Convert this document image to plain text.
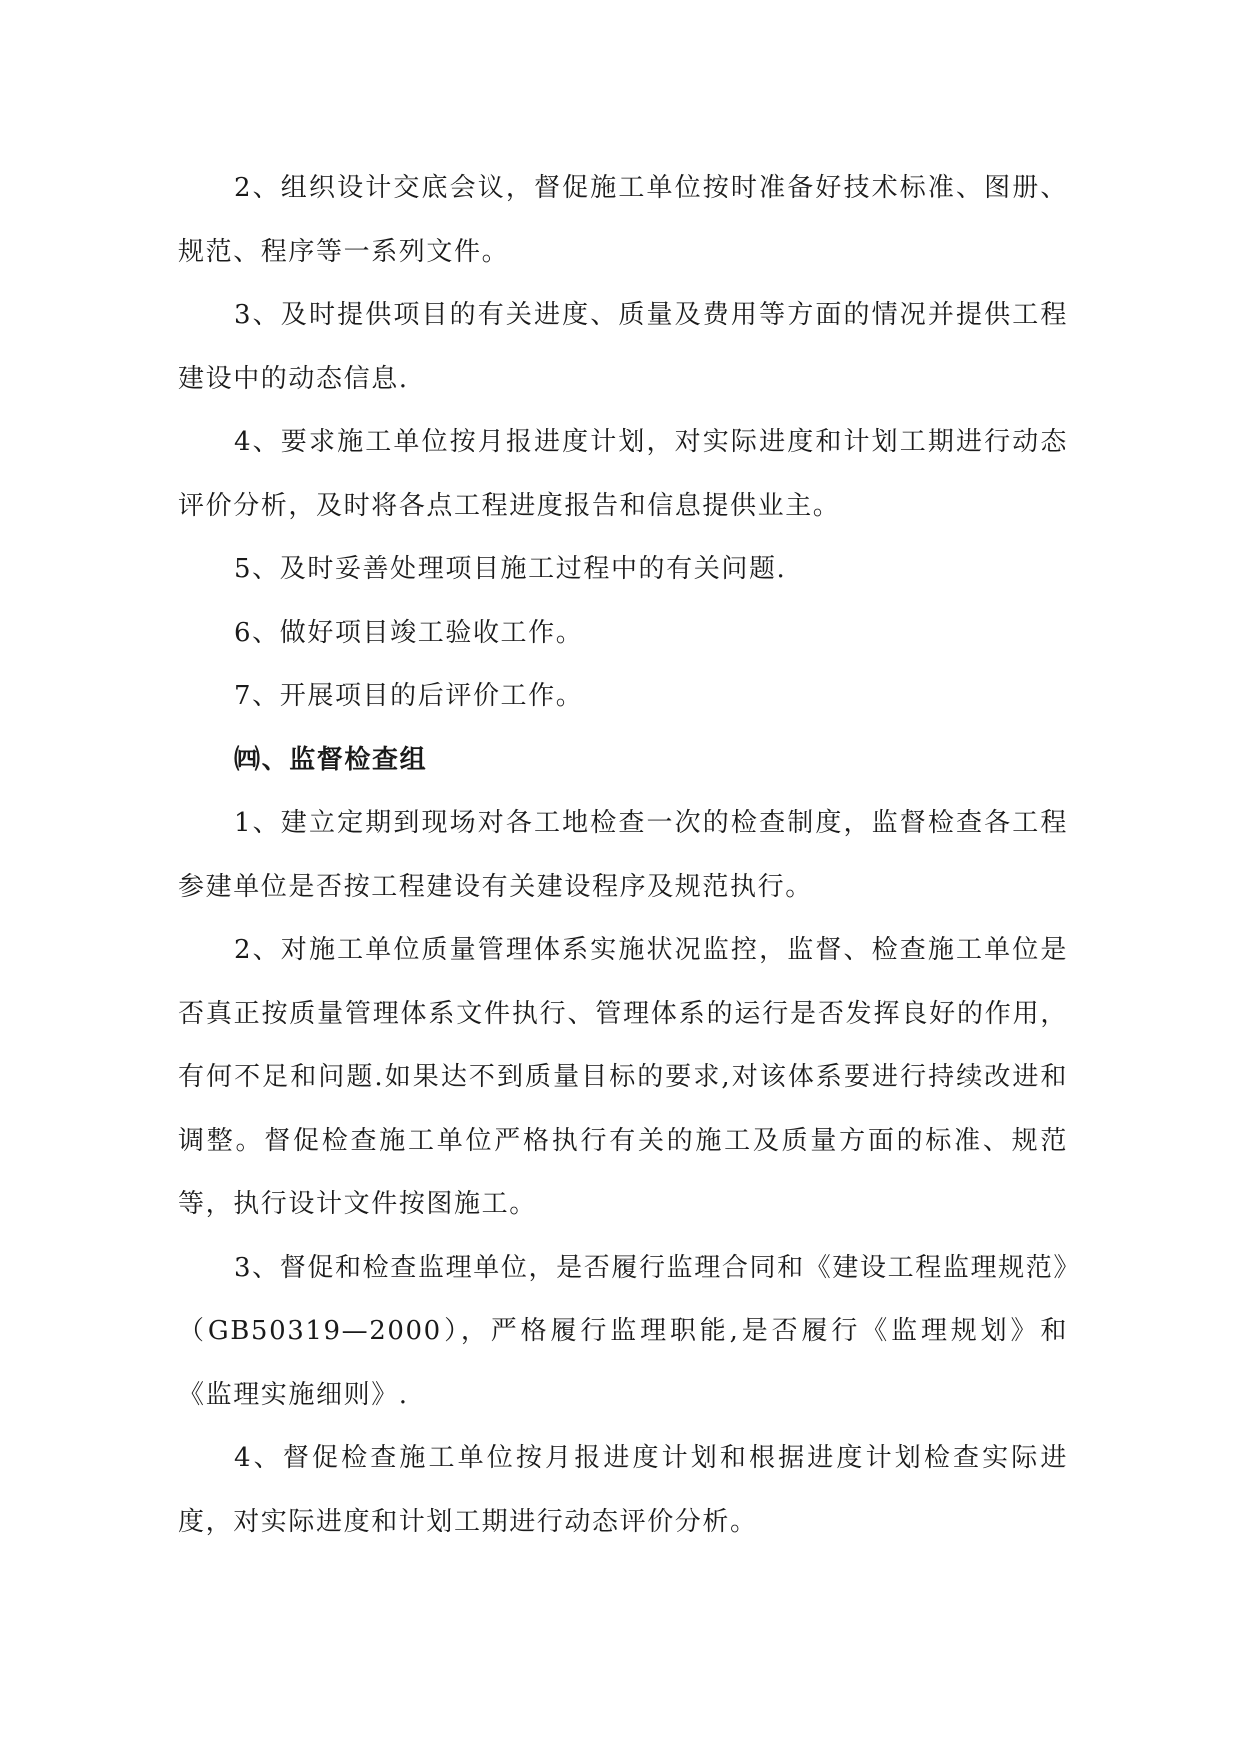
2、组织设计交底会议，督促施工单位按时准备好技术标准、图册、规范、程序等一系列文件。

3、及时提供项目的有关进度、质量及费用等方面的情况并提供工程建设中的动态信息.

4、要求施工单位按月报进度计划，对实际进度和计划工期进行动态评价分析，及时将各点工程进度报告和信息提供业主。

5、及时妥善处理项目施工过程中的有关问题.

6、做好项目竣工验收工作。

7、开展项目的后评价工作。

㈣、监督检查组

1、建立定期到现场对各工地检查一次的检查制度，监督检查各工程参建单位是否按工程建设有关建设程序及规范执行。

2、对施工单位质量管理体系实施状况监控，监督、检查施工单位是否真正按质量管理体系文件执行、管理体系的运行是否发挥良好的作用，有何不足和问题.如果达不到质量目标的要求,对该体系要进行持续改进和调整。督促检查施工单位严格执行有关的施工及质量方面的标准、规范等，执行设计文件按图施工。

3、督促和检查监理单位，是否履行监理合同和《建设工程监理规范》（GB50319—2000），严格履行监理职能,是否履行《监理规划》和《监理实施细则》.

4、督促检查施工单位按月报进度计划和根据进度计划检查实际进度，对实际进度和计划工期进行动态评价分析。
